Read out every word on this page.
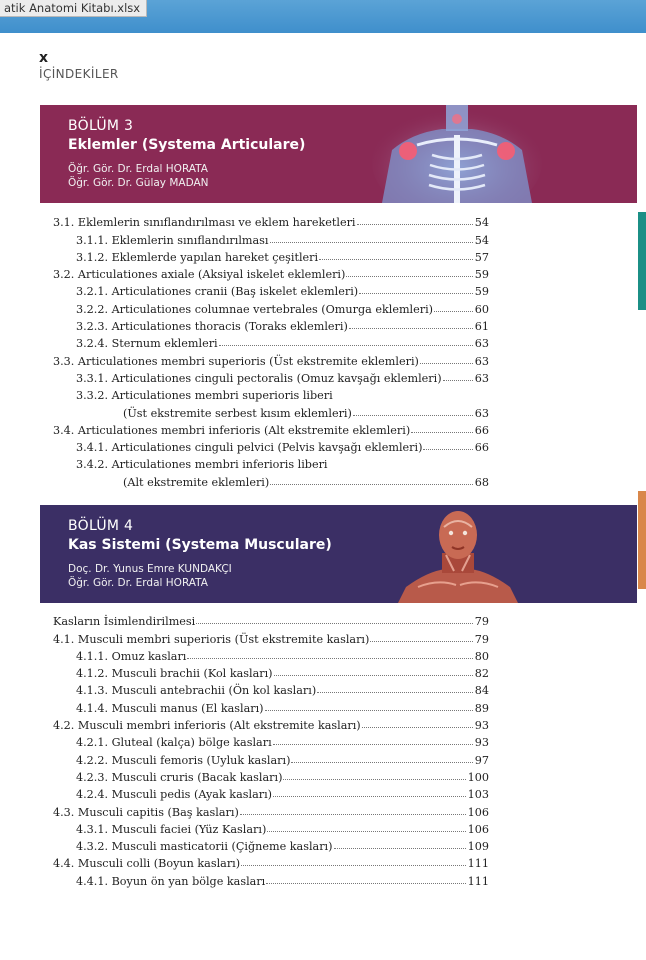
atik Anatomi Kitabı.xlsx
x
İÇİNDEKİLER
BÖLÜM 3
Eklemler (Systema Articulare)
Öğr. Gör. Dr. Erdal HORATA
Öğr. Gör. Dr. Gülay MADAN
3.1. Eklemlerin sınıflandırılması ve eklem hareketleri	54
3.1.1. Eklemlerin sınıflandırılması	54
3.1.2. Eklemlerde yapılan hareket çeşitleri	57
3.2. Articulationes axiale (Aksiyal iskelet eklemleri)	59
3.2.1. Articulationes cranii (Baş iskelet eklemleri)	59
3.2.2. Articulationes columnae vertebrales (Omurga eklemleri)	60
3.2.3. Articulationes thoracis (Toraks eklemleri)	61
3.2.4. Sternum eklemleri	63
3.3. Articulationes membri superioris (Üst ekstremite eklemleri)	63
3.3.1. Articulationes cinguli pectoralis (Omuz kavşağı eklemleri)	63
3.3.2. Articulationes membri superioris liberi
(Üst ekstremite serbest kısım eklemleri)	63
3.4. Articulationes membri inferioris (Alt ekstremite eklemleri)	66
3.4.1. Articulationes cinguli pelvici (Pelvis kavşağı eklemleri)	66
3.4.2. Articulationes membri inferioris liberi
(Alt ekstremite eklemleri)	68
BÖLÜM 4
Kas Sistemi (Systema Musculare)
Doç. Dr. Yunus Emre KUNDAKÇI
Öğr. Gör. Dr. Erdal HORATA
Kasların İsimlendirilmesi	79
4.1. Musculi membri superioris (Üst ekstremite kasları)	79
4.1.1. Omuz kasları	80
4.1.2. Musculi brachii (Kol kasları)	82
4.1.3. Musculi antebrachii (Ön kol kasları)	84
4.1.4. Musculi manus (El kasları)	89
4.2. Musculi membri inferioris (Alt ekstremite kasları)	93
4.2.1. Gluteal (kalça) bölge kasları	93
4.2.2. Musculi femoris (Uyluk kasları)	97
4.2.3. Musculi cruris (Bacak kasları)	100
4.2.4. Musculi pedis (Ayak kasları)	103
4.3. Musculi capitis (Baş kasları)	106
4.3.1. Musculi faciei (Yüz Kasları)	106
4.3.2. Musculi masticatorii (Çiğneme kasları)	109
4.4. Musculi colli (Boyun kasları)	111
4.4.1. Boyun ön yan bölge kasları	111
